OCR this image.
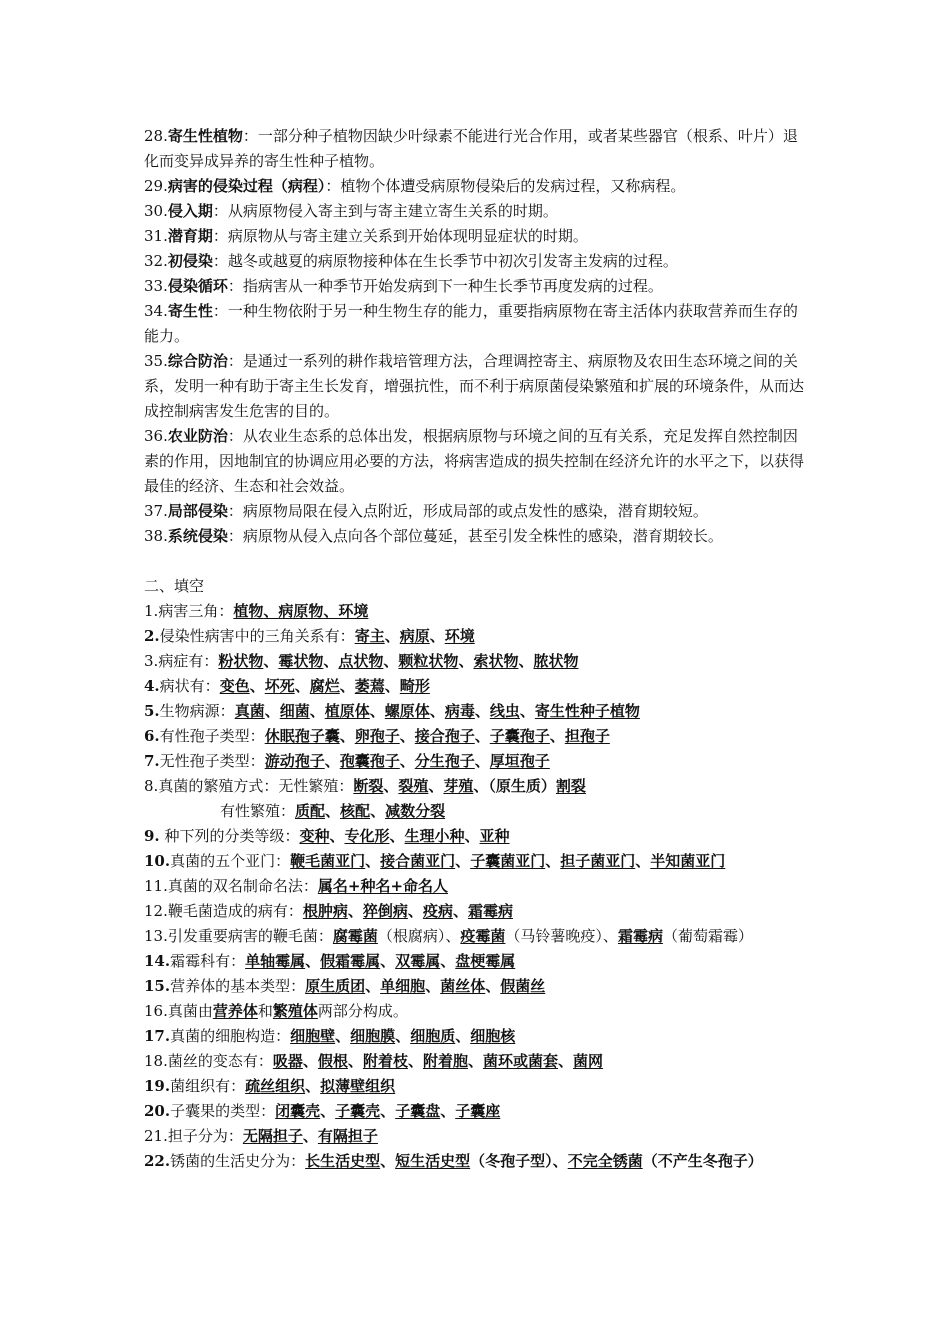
28.寄生性植物：一部分种子植物因缺少叶绿素不能进行光合作用，或者某些器官（根系、叶片）退化而变异成异养的寄生性种子植物。
29.病害的侵染过程（病程）：植物个体遭受病原物侵染后的发病过程，又称病程。
30.侵入期：从病原物侵入寄主到与寄主建立寄生关系的时期。
31.潜育期：病原物从与寄主建立关系到开始体现明显症状的时期。
32.初侵染：越冬或越夏的病原物接种体在生长季节中初次引发寄主发病的过程。
33.侵染循环：指病害从一种季节开始发病到下一种生长季节再度发病的过程。
34.寄生性：一种生物依附于另一种生物生存的能力，重要指病原物在寄主活体内获取营养而生存的能力。
35.综合防治：是通过一系列的耕作栽培管理方法，合理调控寄主、病原物及农田生态环境之间的关系，发明一种有助于寄主生长发育，增强抗性，而不利于病原菌侵染繁殖和扩展的环境条件，从而达成控制病害发生危害的目的。
36.农业防治：从农业生态系的总体出发，根据病原物与环境之间的互有关系，充足发挥自然控制因素的作用，因地制宜的协调应用必要的方法，将病害造成的损失控制在经济允许的水平之下，以获得最佳的经济、生态和社会效益。
37.局部侵染：病原物局限在侵入点附近，形成局部的或点发性的感染，潜育期较短。
38.系统侵染：病原物从侵入点向各个部位蔓延，甚至引发全株性的感染，潜育期较长。
二、填空
1.病害三角：植物、病原物、环境
2.侵染性病害中的三角关系有：寄主、病原、环境
3.病症有：粉状物、霉状物、点状物、颗粒状物、索状物、脓状物
4.病状有：变色、坏死、腐烂、萎蔫、畸形
5.生物病源：真菌、细菌、植原体、螺原体、病毒、线虫、寄生性种子植物
6.有性孢子类型：休眠孢子囊、卵孢子、接合孢子、子囊孢子、担孢子
7.无性孢子类型：游动孢子、孢囊孢子、分生孢子、厚垣孢子
8.真菌的繁殖方式：无性繁殖：断裂、裂殖、芽殖、（原生质）割裂
有性繁殖：质配、核配、减数分裂
9. 种下列的分类等级：变种、专化形、生理小种、亚种
10.真菌的五个亚门：鞭毛菌亚门、接合菌亚门、子囊菌亚门、担子菌亚门、半知菌亚门
11.真菌的双名制命名法：属名+种名+命名人
12.鞭毛菌造成的病有：根肿病、猝倒病、疫病、霜霉病
13.引发重要病害的鞭毛菌：腐霉菌（根腐病）、疫霉菌（马铃薯晚疫）、霜霉病（葡萄霜霉）
14.霜霉科有：单轴霉属、假霜霉属、双霉属、盘梗霉属
15.营养体的基本类型：原生质团、单细胞、菌丝体、假菌丝
16.真菌由营养体和繁殖体两部分构成。
17.真菌的细胞构造：细胞壁、细胞膜、细胞质、细胞核
18.菌丝的变态有：吸器、假根、附着枝、附着胞、菌环或菌套、菌网
19.菌组织有：疏丝组织、拟薄壁组织
20.子囊果的类型：闭囊壳、子囊壳、子囊盘、子囊座
21.担子分为：无隔担子、有隔担子
22.锈菌的生活史分为：长生活史型、短生活史型（冬孢子型）、不完全锈菌（不产生冬孢子）
